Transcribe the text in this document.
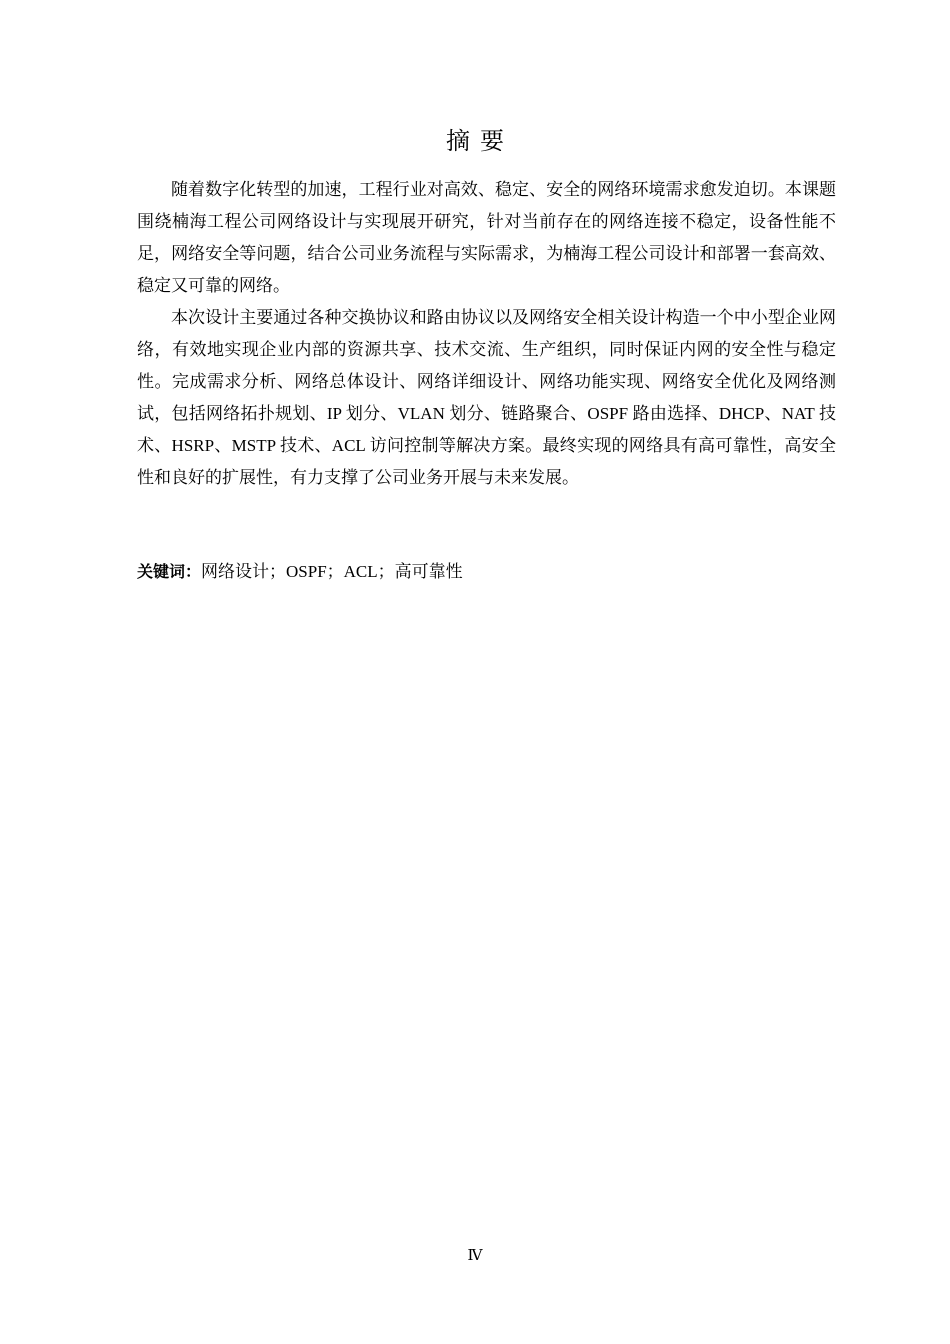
摘要

随着数字化转型的加速，工程行业对高效、稳定、安全的网络环境需求愈发迫切。本课题围绕楠海工程公司网络设计与实现展开研究，针对当前存在的网络连接不稳定，设备性能不足，网络安全等问题，结合公司业务流程与实际需求，为楠海工程公司设计和部署一套高效、稳定又可靠的网络。

本次设计主要通过各种交换协议和路由协议以及网络安全相关设计构造一个中小型企业网络，有效地实现企业内部的资源共享、技术交流、生产组织，同时保证内网的安全性与稳定性。完成需求分析、网络总体设计、网络详细设计、网络功能实现、网络安全优化及网络测试，包括网络拓扑规划、IP 划分、VLAN 划分、链路聚合、OSPF 路由选择、DHCP、NAT 技术、HSRP、MSTP 技术、ACL 访问控制等解决方案。最终实现的网络具有高可靠性，高安全性和良好的扩展性，有力支撑了公司业务开展与未来发展。

关键词：网络设计；OSPF；ACL；高可靠性
Ⅳ
